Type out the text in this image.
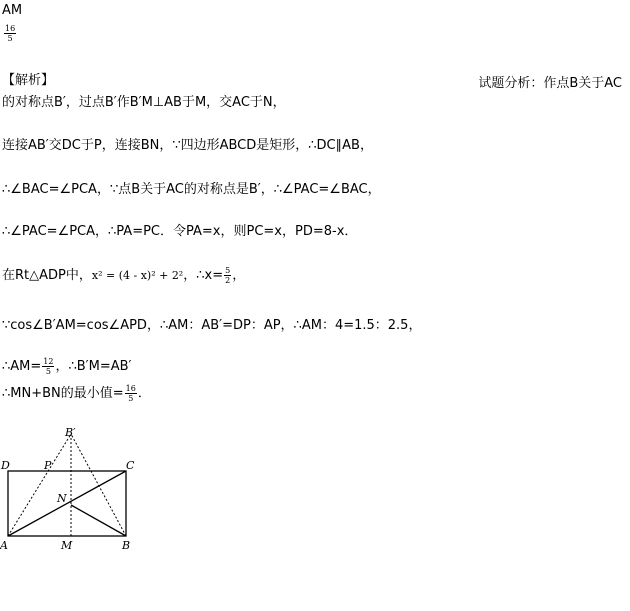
AM
$\frac{16}{5}$
【解析】	试题分析：作点B关于AC
的对称点B′，过点B′作B′M⊥AB于M，交AC于N，
连接AB′交DC于P，连接BN，∵四边形ABCD是矩形，∴DC∥AB，
∴∠BAC=∠PCA，∵点B关于AC的对称点是B′，∴∠PAC=∠BAC，
∴∠PAC=∠PCA，∴PA=PC．令PA=x，则PC=x，PD=8-x．
在Rt△ADP中，x² = (4 - x)² + 2²，∴x= $\frac{5}{2}$ ，
∵cos∠B′AM=cos∠APD，∴AM：AB′=DP：AP，∴AM：4=1.5：2.5，
∴AM= $\frac{12}{5}$ ，∴B′M=AB′
∴MN+BN的最小值= $\frac{16}{5}$ ．
B′
D	P	C
N
A	M	B
